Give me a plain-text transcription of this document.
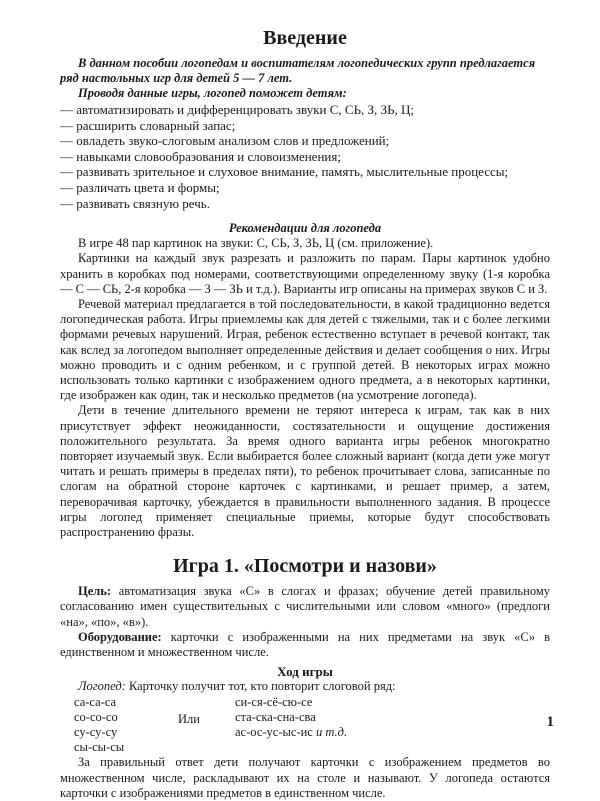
Введение

В данном пособии логопедам и воспитателям логопедических групп предлагается ряд настольных игр для детей 5 — 7 лет.

Проводя данные игры, логопед поможет детям:

— автоматизировать и дифференцировать звуки С, СЬ, З, ЗЬ, Ц;
— расширить словарный запас;
— овладеть звуко-слоговым анализом слов и предложений;
— навыками словообразования и словоизменения;
— развивать зрительное и слуховое внимание, память, мыслительные процессы;
— различать цвета и формы;
— развивать связную речь.
Рекомендации для логопеда

В игре 48 пар картинок на звуки: С, СЬ, З, ЗЬ, Ц (см. приложение).

Картинки на каждый звук разрезать и разложить по парам. Пары картинок удобно хранить в коробках под номерами, соответствующими определенному звуку (1-я коробка — С — СЬ, 2-я коробка — З — ЗЬ и т.д.). Варианты игр описаны на примерах звуков С и З.

Речевой материал предлагается в той последовательности, в какой традиционно ведется логопедическая работа. Игры приемлемы как для детей с тяжелыми, так и с более легкими формами речевых нарушений. Играя, ребенок естественно вступает в речевой контакт, так как вслед за логопедом выполняет определенные действия и делает сообщения о них. Игры можно проводить и с одним ребенком, и с группой детей. В некоторых играх можно использовать только картинки с изображением одного предмета, а в некоторых картинки, где изображен как один, так и несколько предметов (на усмотрение логопеда).

Дети в течение длительного времени не теряют интереса к играм, так как в них присутствует эффект неожиданности, состязательности и ощущение достижения положительного результата. За время одного варианта игры ребенок многократно повторяет изучаемый звук. Если выбирается более сложный вариант (когда дети уже могут читать и решать примеры в пределах пяти), то ребенок прочитывает слова, записанные по слогам на обратной стороне карточек с картинками, и решает пример, а затем, переворачивая карточку, убеждается в правильности выполненного задания. В процессе игры логопед применяет специальные приемы, которые будут способствовать распространению фразы.

Игра 1. «Посмотри и назови»

Цель: автоматизация звука «С» в слогах и фразах; обучение детей правильному согласованию имен существительных с числительными или словом «много» (предлоги «на», «по», «в»).

Оборудование: карточки с изображенными на них предметами на звук «С» в единственном и множественном числе.

Ход игры

Логопед: Карточку получит тот, кто повторит слоговой ряд:

са-са-са
со-со-со
су-су-су
сы-сы-сы
Или
си-ся-сё-сю-се
ста-ска-сна-сва
ас-ос-ус-ыс-ис и т.д.

За правильный ответ дети получают карточки с изображением предметов во множественном числе, раскладывают их на столе и называют. У логопеда остаются карточки с изображениями предметов в единственном числе.

1
